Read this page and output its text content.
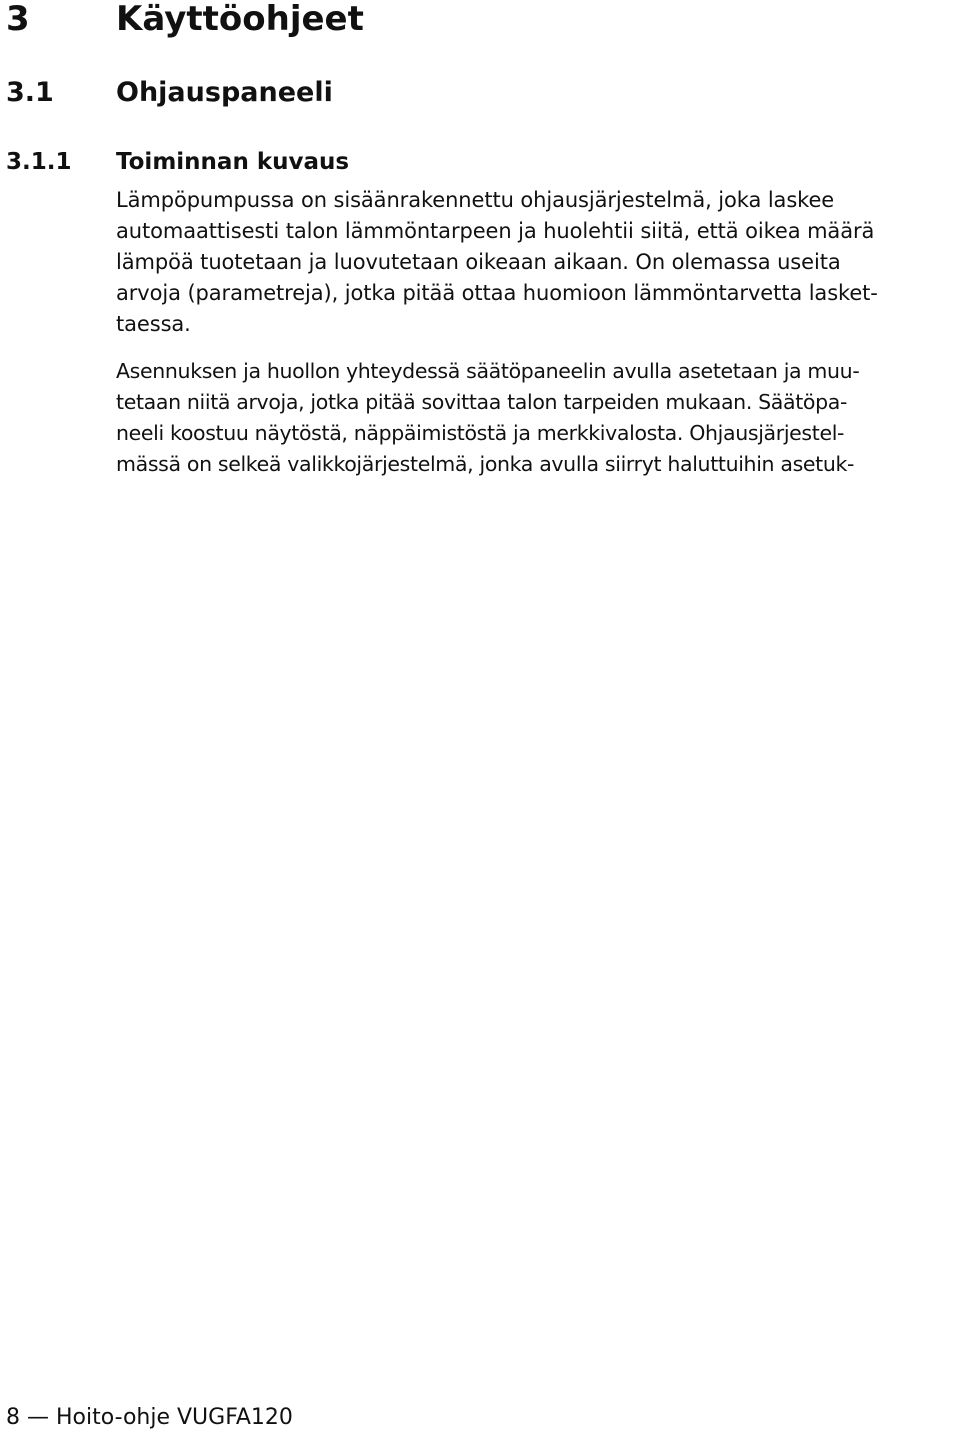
3	Käyttöohjeet
3.1 Ohjauspaneeli
3.1.1 Toiminnan kuvaus
Lämpöpumpussa on sisäänrakennettu ohjausjärjestelmä, joka laskee
automaattisesti talon lämmöntarpeen ja huolehtii siitä, että oikea määrä
lämpöä tuotetaan ja luovutetaan oikeaan aikaan. On olemassa useita
arvoja (parametreja), jotka pitää ottaa huomioon lämmöntarvetta lasket-
taessa.
Asennuksen ja huollon yhteydessä säätöpaneelin avulla asetetaan ja muu-
tetaan niitä arvoja, jotka pitää sovittaa talon tarpeiden mukaan. Säätöpa-
neeli koostuu näytöstä, näppäimistöstä ja merkkivalosta. Ohjausjärjestel-
mässä on selkeä valikkojärjestelmä, jonka avulla siirryt haluttuihin asetuk-
8 — Hoito-ohje VUGFA120
